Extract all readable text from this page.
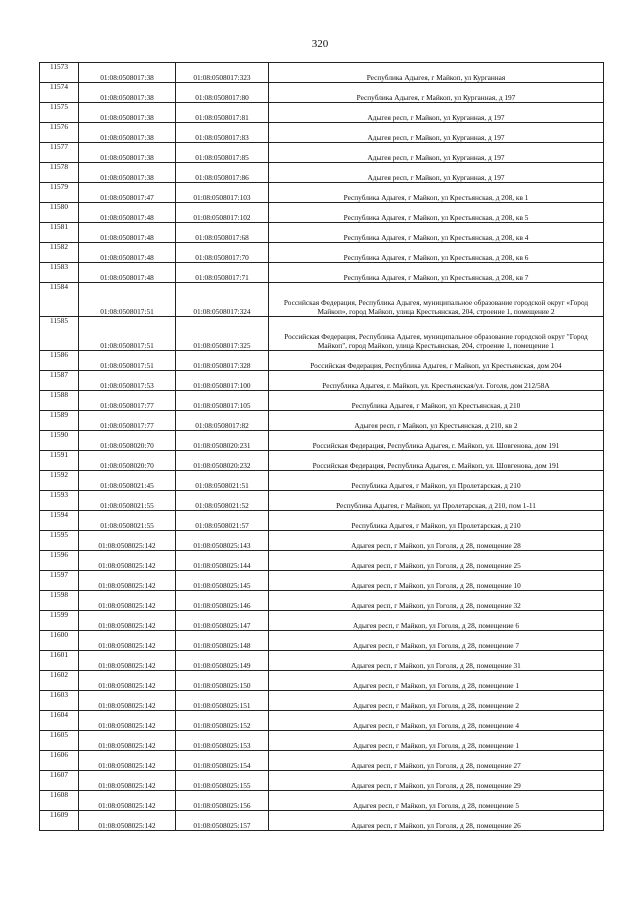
320
11573	01:08:0508017:38	01:08:0508017:323	Республика Адыгея, г Майкоп, ул Курганная
11574	01:08:0508017:38	01:08:0508017:80	Республика Адыгея, г Майкоп, ул Курганная, д 197
11575	01:08:0508017:38	01:08:0508017:81	Адыгея респ, г Майкоп, ул Курганная, д 197
11576	01:08:0508017:38	01:08:0508017:83	Адыгея респ, г Майкоп, ул Курганная, д 197
11577	01:08:0508017:38	01:08:0508017:85	Адыгея респ, г Майкоп, ул Курганная, д 197
11578	01:08:0508017:38	01:08:0508017:86	Адыгея респ, г Майкоп, ул Курганная, д 197
11579	01:08:0508017:47	01:08:0508017:103	Республика Адыгея, г Майкоп, ул Крестьянская, д 208, кв 1
11580	01:08:0508017:48	01:08:0508017:102	Республика Адыгея, г Майкоп, ул Крестьянская, д 208, кв 5
11581	01:08:0508017:48	01:08:0508017:68	Республика Адыгея, г Майкоп, ул Крестьянская, д 208, кв 4
11582	01:08:0508017:48	01:08:0508017:70	Республика Адыгея, г Майкоп, ул Крестьянская, д 208, кв 6
11583	01:08:0508017:48	01:08:0508017:71	Республика Адыгея, г Майкоп, ул Крестьянская, д 208, кв 7
11584	01:08:0508017:51	01:08:0508017:324	Российская Федерация, Республика Адыгея, муниципальное образование городской округ «Город Майкоп», город Майкоп, улица Крестьянская, 204, строение 1, помещение 2
11585	01:08:0508017:51	01:08:0508017:325	Российская Федерация, Республика Адыгея, муниципальное образование городской округ "Город Майкоп", город Майкоп, улица Крестьянская, 204, строение 1, помещение 1
11586	01:08:0508017:51	01:08:0508017:328	Российская Федерация, Республика Адыгея, г Майкоп, ул Крестьянская, дом 204
11587	01:08:0508017:53	01:08:0508017:100	Республика Адыгея, г. Майкоп, ул. Крестьянская/ул. Гоголя, дом 212/58А
11588	01:08:0508017:77	01:08:0508017:105	Республика Адыгея, г Майкоп, ул Крестьянская, д 210
11589	01:08:0508017:77	01:08:0508017:82	Адыгея респ, г Майкоп, ул Крестьянская, д 210, кв 2
11590	01:08:0508020:70	01:08:0508020:231	Российская Федерация, Республика Адыгея, г. Майкоп, ул. Шовгенова, дом 191
11591	01:08:0508020:70	01:08:0508020:232	Российская Федерация, Республика Адыгея, г. Майкоп, ул. Шовгенова, дом 191
11592	01:08:0508021:45	01:08:0508021:51	Республика Адыгея, г Майкоп, ул Пролетарская, д 210
11593	01:08:0508021:55	01:08:0508021:52	Республика Адыгея, г Майкоп, ул Пролетарская, д 210, пом 1-11
11594	01:08:0508021:55	01:08:0508021:57	Республика Адыгея, г Майкоп, ул Пролетарская, д 210
11595	01:08:0508025:142	01:08:0508025:143	Адыгея респ, г Майкоп, ул Гоголя, д 28, помещение 28
11596	01:08:0508025:142	01:08:0508025:144	Адыгея респ, г Майкоп, ул Гоголя, д 28, помещение 25
11597	01:08:0508025:142	01:08:0508025:145	Адыгея респ, г Майкоп, ул Гоголя, д 28, помещение 10
11598	01:08:0508025:142	01:08:0508025:146	Адыгея респ, г Майкоп, ул Гоголя, д 28, помещение 32
11599	01:08:0508025:142	01:08:0508025:147	Адыгея респ, г Майкоп, ул Гоголя, д 28, помещение 6
11600	01:08:0508025:142	01:08:0508025:148	Адыгея респ, г Майкоп, ул Гоголя, д 28, помещение 7
11601	01:08:0508025:142	01:08:0508025:149	Адыгея респ, г Майкоп, ул Гоголя, д 28, помещение 31
11602	01:08:0508025:142	01:08:0508025:150	Адыгея респ, г Майкоп, ул Гоголя, д 28, помещение 1
11603	01:08:0508025:142	01:08:0508025:151	Адыгея респ, г Майкоп, ул Гоголя, д 28, помещение 2
11604	01:08:0508025:142	01:08:0508025:152	Адыгея респ, г Майкоп, ул Гоголя, д 28, помещение 4
11605	01:08:0508025:142	01:08:0508025:153	Адыгея респ, г Майкоп, ул Гоголя, д 28, помещение 1
11606	01:08:0508025:142	01:08:0508025:154	Адыгея респ, г Майкоп, ул Гоголя, д 28, помещение 27
11607	01:08:0508025:142	01:08:0508025:155	Адыгея респ, г Майкоп, ул Гоголя, д 28, помещение 29
11608	01:08:0508025:142	01:08:0508025:156	Адыгея респ, г Майкоп, ул Гоголя, д 28, помещение 5
11609	01:08:0508025:142	01:08:0508025:157	Адыгея респ, г Майкоп, ул Гоголя, д 28, помещение 26
